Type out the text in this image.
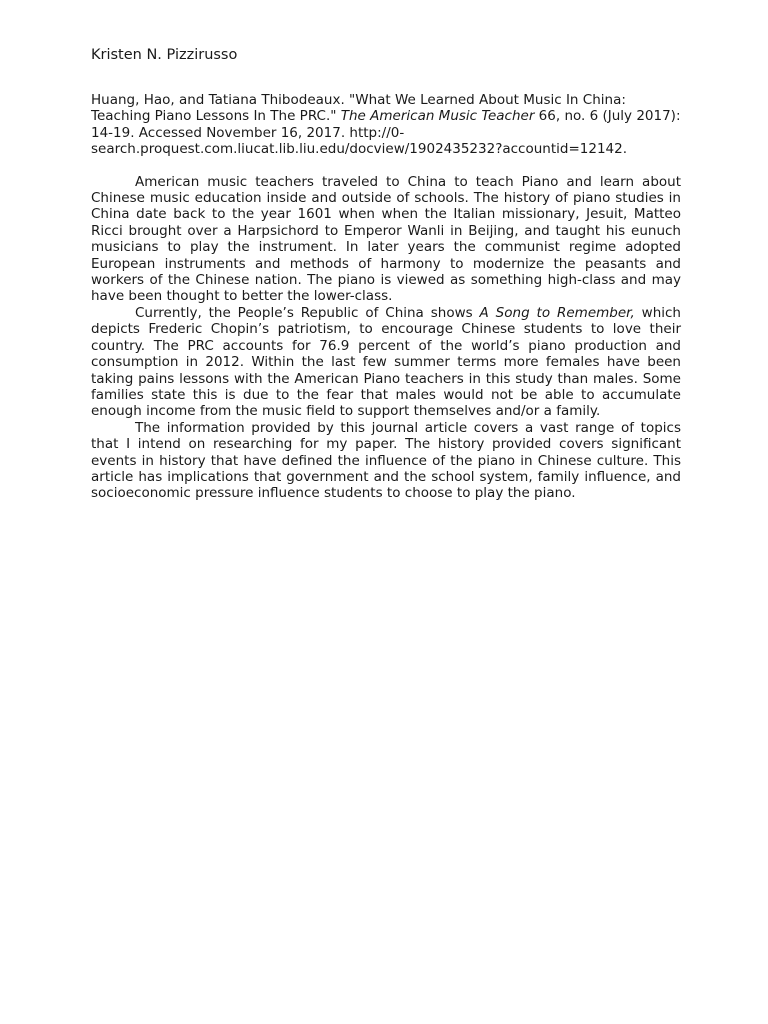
Kristen N. Pizzirusso

Huang, Hao, and Tatiana Thibodeaux. "What We Learned About Music In China: Teaching Piano Lessons In The PRC." The American Music Teacher 66, no. 6 (July 2017): 14-19. Accessed November 16, 2017. http://0-search.proquest.com.liucat.lib.liu.edu/docview/1902435232?accountid=12142.

American music teachers traveled to China to teach Piano and learn about Chinese music education inside and outside of schools. The history of piano studies in China date back to the year 1601 when when the Italian missionary, Jesuit, Matteo Ricci brought over a Harpsichord to Emperor Wanli in Beijing, and taught his eunuch musicians to play the instrument. In later years the communist regime adopted European instruments and methods of harmony to modernize the peasants and workers of the Chinese nation. The piano is viewed as something high-class and may have been thought to better the lower-class.

Currently, the People’s Republic of China shows A Song to Remember, which depicts Frederic Chopin’s patriotism, to encourage Chinese students to love their country. The PRC accounts for 76.9 percent of the world’s piano production and consumption in 2012. Within the last few summer terms more females have been taking pains lessons with the American Piano teachers in this study than males. Some families state this is due to the fear that males would not be able to accumulate enough income from the music field to support themselves and/or a family.

The information provided by this journal article covers a vast range of topics that I intend on researching for my paper. The history provided covers significant events in history that have defined the influence of the piano in Chinese culture. This article has implications that government and the school system, family influence, and socioeconomic pressure influence students to choose to play the piano.
